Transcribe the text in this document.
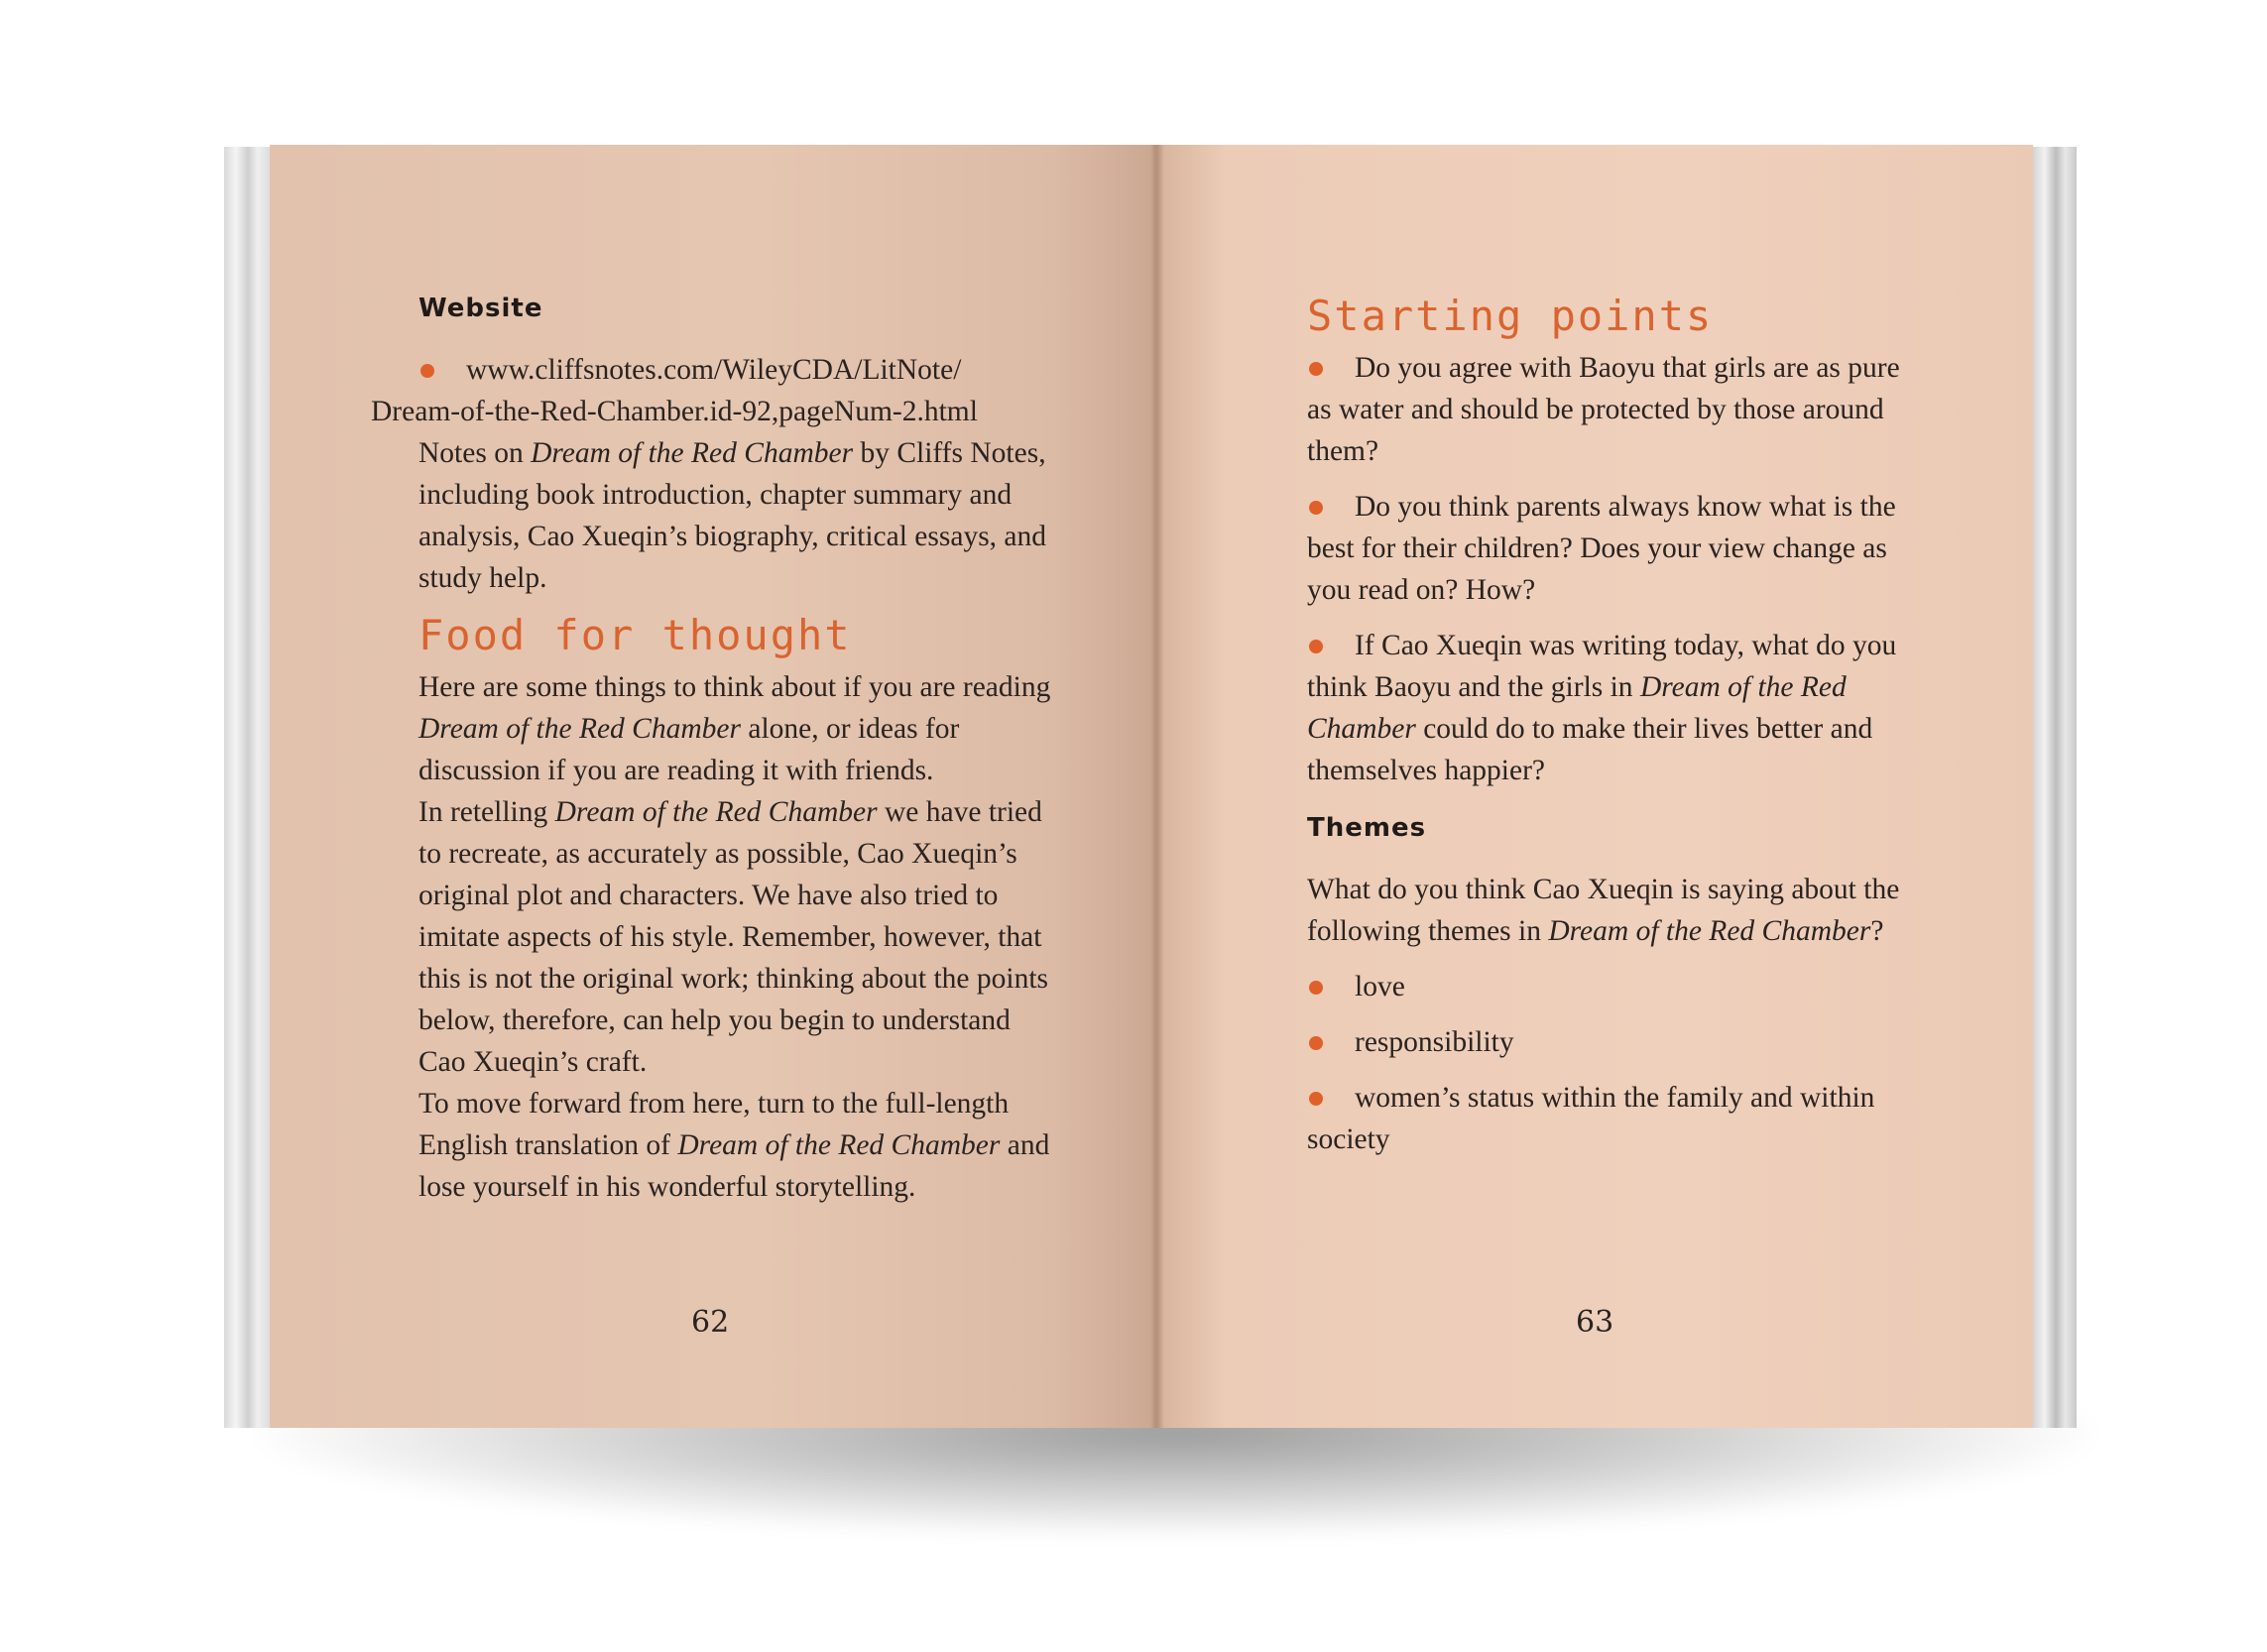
Website

www.cliffsnotes.com/WileyCDA/LitNote/
Dream-of-the-Red-Chamber.id-92,pageNum-2.html

Notes on Dream of the Red Chamber by Cliffs Notes, including book introduction, chapter summary and analysis, Cao Xueqin’s biography, critical essays, and study help.

Food for thought

Here are some things to think about if you are reading Dream of the Red Chamber alone, or ideas for discussion if you are reading it with friends.

In retelling Dream of the Red Chamber we have tried to recreate, as accurately as possible, Cao Xueqin’s original plot and characters. We have also tried to imitate aspects of his style. Remember, however, that this is not the original work; thinking about the points below, therefore, can help you begin to understand Cao Xueqin’s craft.

To move forward from here, turn to the full-length English translation of Dream of the Red Chamber and lose yourself in his wonderful storytelling.

Starting points

Do you agree with Baoyu that girls are as pure as water and should be protected by those around them?

Do you think parents always know what is the best for their children? Does your view change as you read on? How?

If Cao Xueqin was writing today, what do you think Baoyu and the girls in Dream of the Red Chamber could do to make their lives better and themselves happier?

Themes

What do you think Cao Xueqin is saying about the following themes in Dream of the Red Chamber?

love

responsibility

women’s status within the family and within society

62	63
